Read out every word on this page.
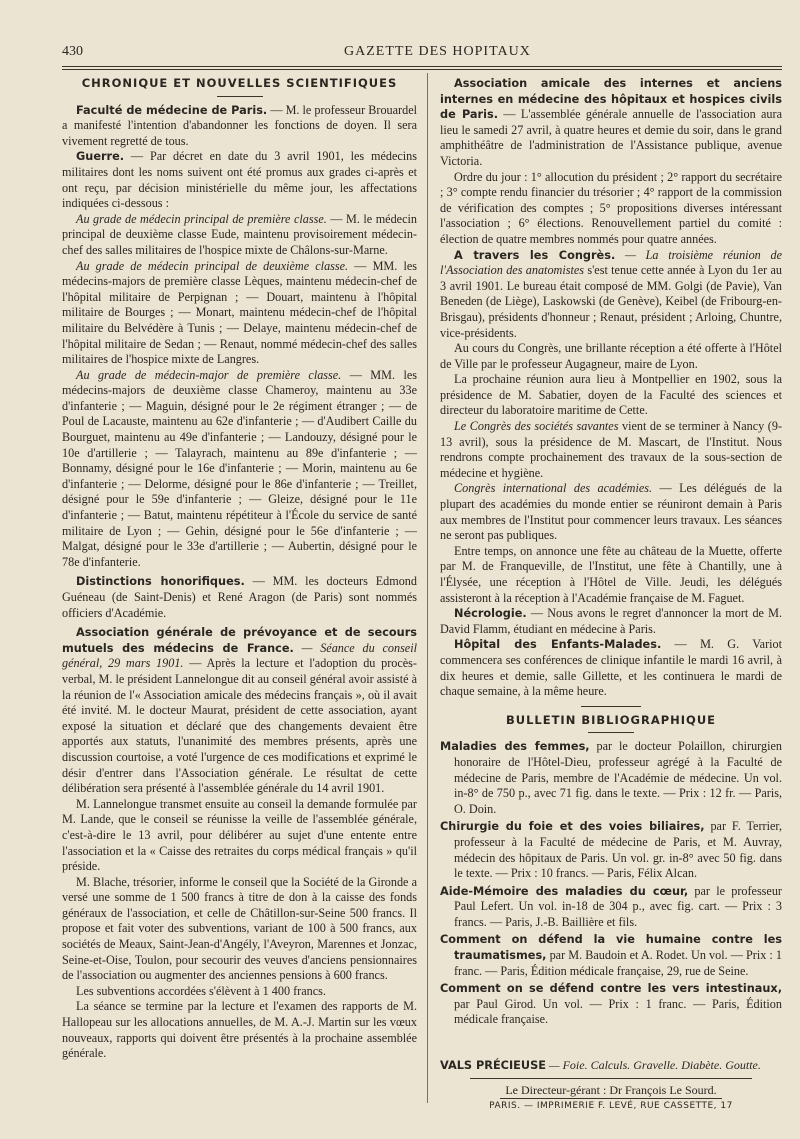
430	GAZETTE DES HOPITAUX
CHRONIQUE ET NOUVELLES SCIENTIFIQUES

Faculté de médecine de Paris. — M. le professeur Brouardel a manifesté l'intention d'abandonner les fonctions de doyen. Il sera vivement regretté de tous.

Guerre. — Par décret en date du 3 avril 1901, les médecins militaires dont les noms suivent ont été promus aux grades ci-après et ont reçu, par décision ministérielle du même jour, les affectations indiquées ci-dessous :

Au grade de médecin principal de première classe. — M. le médecin principal de deuxième classe Eude, maintenu provisoirement médecin-chef des salles militaires de l'hospice mixte de Châlons-sur-Marne.

Au grade de médecin principal de deuxième classe. — MM. les médecins-majors de première classe Lèques, maintenu médecin-chef de l'hôpital militaire de Perpignan ; — Douart, maintenu à l'hôpital militaire de Bourges ; — Monart, maintenu médecin-chef de l'hôpital militaire du Belvédère à Tunis ; — Delaye, maintenu médecin-chef de l'hôpital militaire de Sedan ; — Renaut, nommé médecin-chef des salles militaires de l'hospice mixte de Langres.

Au grade de médecin-major de première classe. — MM. les médecins-majors de deuxième classe Chameroy, maintenu au 33e d'infanterie ; — Maguin, désigné pour le 2e régiment étranger ; — de Poul de Lacauste, maintenu au 62e d'infanterie ; — d'Audibert Caille du Bourguet, maintenu au 49e d'infanterie ; — Landouzy, désigné pour le 10e d'artillerie ; — Talayrach, maintenu au 89e d'infanterie ; — Bonnamy, désigné pour le 16e d'infanterie ; — Morin, maintenu au 6e d'infanterie ; — Delorme, désigné pour le 86e d'infanterie ; — Treillet, désigné pour le 59e d'infanterie ; — Gleize, désigné pour le 11e d'infanterie ; — Batut, maintenu répétiteur à l'École du service de santé militaire de Lyon ; — Gehin, désigné pour le 56e d'infanterie ; — Malgat, désigné pour le 33e d'artillerie ; — Aubertin, désigné pour le 78e d'infanterie.

Distinctions honorifiques. — MM. les docteurs Edmond Guéneau (de Saint-Denis) et René Aragon (de Paris) sont nommés officiers d'Académie.

Association générale de prévoyance et de secours mutuels des médecins de France. — Séance du conseil général, 29 mars 1901. — Après la lecture et l'adoption du procès-verbal, M. le président Lannelongue dit au conseil général avoir assisté à la réunion de l'« Association amicale des médecins français », où il avait été invité. M. le docteur Maurat, président de cette association, ayant exposé la situation et déclaré que des changements devaient être apportés aux statuts, l'unanimité des membres présents, après une discussion courtoise, a voté l'urgence de ces modifications et exprimé le désir d'entrer dans l'Association générale. Le résultat de cette délibération sera présenté à l'assemblée générale du 14 avril 1901.

M. Lannelongue transmet ensuite au conseil la demande formulée par M. Lande, que le conseil se réunisse la veille de l'assemblée générale, c'est-à-dire le 13 avril, pour délibérer au sujet d'une entente entre l'association et la « Caisse des retraites du corps médical français » qu'il préside.

M. Blache, trésorier, informe le conseil que la Société de la Gironde a versé une somme de 1 500 francs à titre de don à la caisse des fonds généraux de l'association, et celle de Châtillon-sur-Seine 500 francs. Il propose et fait voter des subventions, variant de 100 à 500 francs, aux sociétés de Meaux, Saint-Jean-d'Angély, l'Aveyron, Marennes et Jonzac, Seine-et-Oise, Toulon, pour secourir des veuves d'anciens pensionnaires de l'association ou augmenter des anciennes pensions à 600 francs.

Les subventions accordées s'élèvent à 1 400 francs.

La séance se termine par la lecture et l'examen des rapports de M. Hallopeau sur les allocations annuelles, de M. A.-J. Martin sur les vœux nouveaux, rapports qui doivent être présentés à la prochaine assemblée générale.

Association amicale des internes et anciens internes en médecine des hôpitaux et hospices civils de Paris. — L'assemblée générale annuelle de l'association aura lieu le samedi 27 avril, à quatre heures et demie du soir, dans le grand amphithéâtre de l'administration de l'Assistance publique, avenue Victoria.

Ordre du jour : 1° allocution du président ; 2° rapport du secrétaire ; 3° compte rendu financier du trésorier ; 4° rapport de la commission de vérification des comptes ; 5° propositions diverses intéressant l'association ; 6° élections. Renouvellement partiel du comité : élection de quatre membres nommés pour quatre années.

A travers les Congrès. — La troisième réunion de l'Association des anatomistes s'est tenue cette année à Lyon du 1er au 3 avril 1901. Le bureau était composé de MM. Golgi (de Pavie), Van Beneden (de Liège), Laskowski (de Genève), Keibel (de Fribourg-en-Brisgau), présidents d'honneur ; Renaut, président ; Arloing, Chuntre, vice-présidents.

Au cours du Congrès, une brillante réception a été offerte à l'Hôtel de Ville par le professeur Augagneur, maire de Lyon.

La prochaine réunion aura lieu à Montpellier en 1902, sous la présidence de M. Sabatier, doyen de la Faculté des sciences et directeur du laboratoire maritime de Cette.

Le Congrès des sociétés savantes vient de se terminer à Nancy (9-13 avril), sous la présidence de M. Mascart, de l'Institut. Nous rendrons compte prochainement des travaux de la sous-section de médecine et hygiène.

Congrès international des académies. — Les délégués de la plupart des académies du monde entier se réuniront demain à Paris aux membres de l'Institut pour commencer leurs travaux. Les séances ne seront pas publiques.

Entre temps, on annonce une fête au château de la Muette, offerte par M. de Franqueville, de l'Institut, une fête à Chantilly, une à l'Élysée, une réception à l'Hôtel de Ville. Jeudi, les délégués assisteront à la réception à l'Académie française de M. Faguet.

Nécrologie. — Nous avons le regret d'annoncer la mort de M. David Flamm, étudiant en médecine à Paris.

Hôpital des Enfants-Malades. — M. G. Variot commencera ses conférences de clinique infantile le mardi 16 avril, à dix heures et demie, salle Gillette, et les continuera le mardi de chaque semaine, à la même heure.

BULLETIN BIBLIOGRAPHIQUE

Maladies des femmes, par le docteur Polaillon, chirurgien honoraire de l'Hôtel-Dieu, professeur agrégé à la Faculté de médecine de Paris, membre de l'Académie de médecine. Un vol. in-8° de 750 p., avec 71 fig. dans le texte. — Prix : 12 fr. — Paris, O. Doin.

Chirurgie du foie et des voies biliaires, par F. Terrier, professeur à la Faculté de médecine de Paris, et M. Auvray, médecin des hôpitaux de Paris. Un vol. gr. in-8° avec 50 fig. dans le texte. — Prix : 10 francs. — Paris, Félix Alcan.

Aide-Mémoire des maladies du cœur, par le professeur Paul Lefert. Un vol. in-18 de 304 p., avec fig. cart. — Prix : 3 francs. — Paris, J.-B. Baillière et fils.

Comment on défend la vie humaine contre les traumatismes, par M. Baudoin et A. Rodet. Un vol. — Prix : 1 franc. — Paris, Édition médicale française, 29, rue de Seine.

Comment on se défend contre les vers intestinaux, par Paul Girod. Un vol. — Prix : 1 franc. — Paris, Édition médicale française.

VALS PRÉCIEUSE — Foie. Calculs. Gravelle. Diabète. Goutte.
Le Directeur-gérant : Dr François Le Sourd.
PARIS. — IMPRIMERIE F. LEVÉ, RUE CASSETTE, 17
